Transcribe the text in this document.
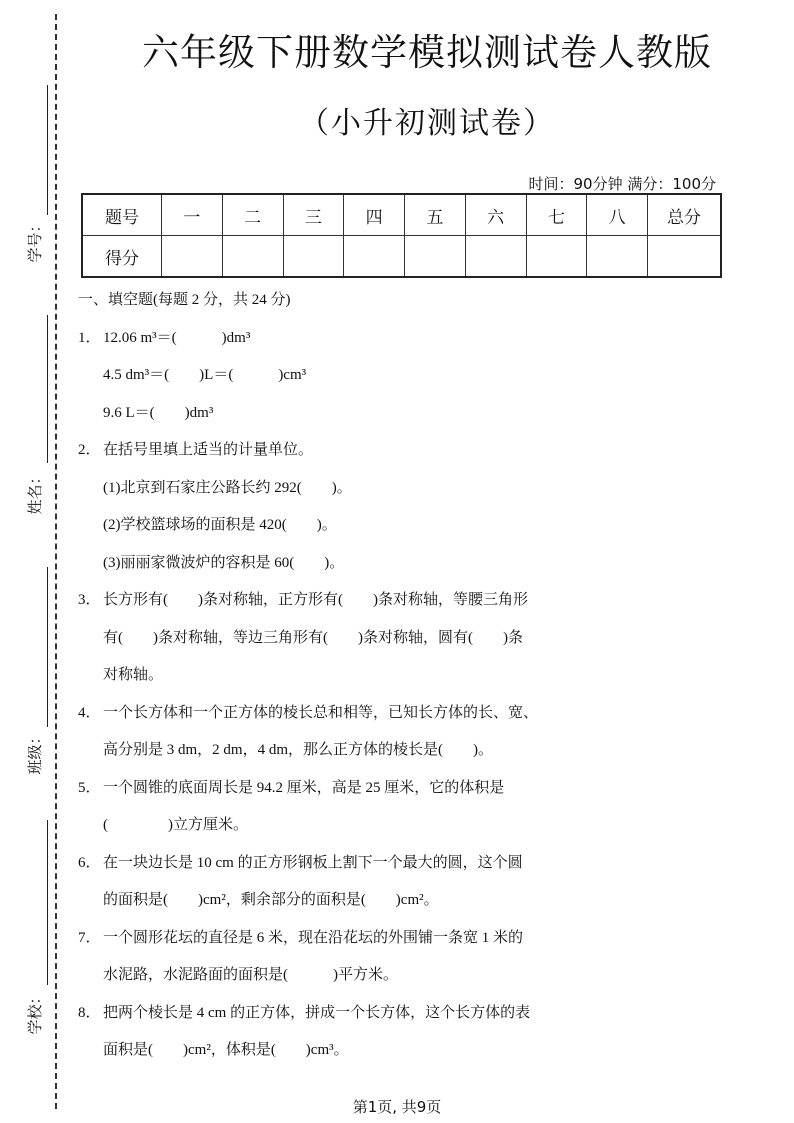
学号：
姓名：
班级：
学校：
六年级下册数学模拟测试卷人教版
（小升初测试卷）
时间：90分钟 满分：100分
题号	一	二	三	四	五	六	七	八	总分
得分									
一、填空题(每题 2 分，共 24 分)
1． 12.06 m³＝(　　　)dm³
4.5 dm³＝(　　)L＝(　　　)cm³
9.6 L＝(　　)dm³
2． 在括号里填上适当的计量单位。
(1)北京到石家庄公路长约 292(　　)。
(2)学校篮球场的面积是 420(　　)。
(3)丽丽家微波炉的容积是 60(　　)。
3． 长方形有(　　)条对称轴，正方形有(　　)条对称轴，等腰三角形
有(　　)条对称轴，等边三角形有(　　)条对称轴，圆有(　　)条
对称轴。
4． 一个长方体和一个正方体的棱长总和相等，已知长方体的长、宽、
高分别是 3 dm，2 dm，4 dm，那么正方体的棱长是(　　)。
5． 一个圆锥的底面周长是 94.2 厘米，高是 25 厘米，它的体积是
(　　　　)立方厘米。
6． 在一块边长是 10 cm 的正方形钢板上割下一个最大的圆，这个圆
的面积是(　　)cm²，剩余部分的面积是(　　)cm²。
7． 一个圆形花坛的直径是 6 米，现在沿花坛的外围铺一条宽 1 米的
水泥路，水泥路面的面积是(　　　)平方米。
8． 把两个棱长是 4 cm 的正方体，拼成一个长方体，这个长方体的表
面积是(　　)cm²，体积是(　　)cm³。
第1页, 共9页
